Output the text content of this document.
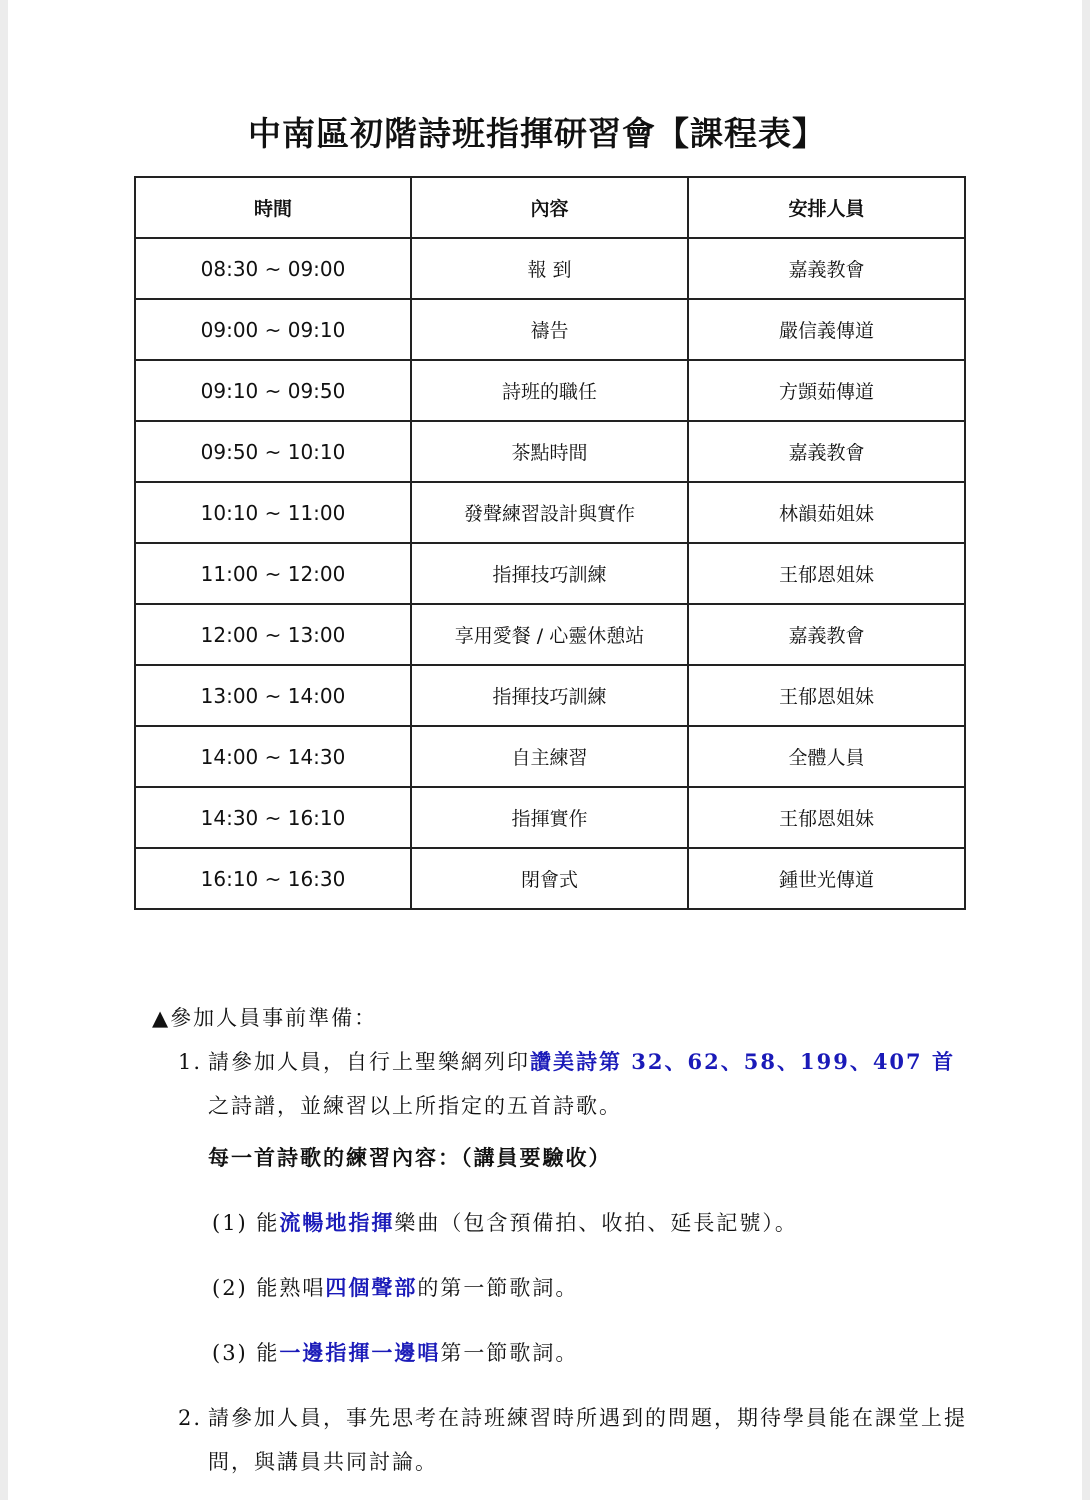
中南區初階詩班指揮研習會【課程表】
時間	內容	安排人員
08:30 ~ 09:00	報 到	嘉義教會
09:00 ~ 09:10	禱告	嚴信義傳道
09:10 ~ 09:50	詩班的職任	方顗茹傳道
09:50 ~ 10:10	茶點時間	嘉義教會
10:10 ~ 11:00	發聲練習設計與實作	林韻茹姐妹
11:00 ~ 12:00	指揮技巧訓練	王郁恩姐妹
12:00 ~ 13:00	享用愛餐 / 心靈休憩站	嘉義教會
13:00 ~ 14:00	指揮技巧訓練	王郁恩姐妹
14:00 ~ 14:30	自主練習	全體人員
14:30 ~ 16:10	指揮實作	王郁恩姐妹
16:10 ~ 16:30	閉會式	鍾世光傳道

▲參加人員事前準備：

1. 請參加人員，自行上聖樂網列印讚美詩第 32、62、58、199、407 首之詩譜，並練習以上所指定的五首詩歌。

每一首詩歌的練習內容：（講員要驗收）

(1) 能流暢地指揮樂曲（包含預備拍、收拍、延長記號）。

(2) 能熟唱四個聲部的第一節歌詞。

(3) 能一邊指揮一邊唱第一節歌詞。

2. 請參加人員，事先思考在詩班練習時所遇到的問題，期待學員能在課堂上提問，與講員共同討論。
